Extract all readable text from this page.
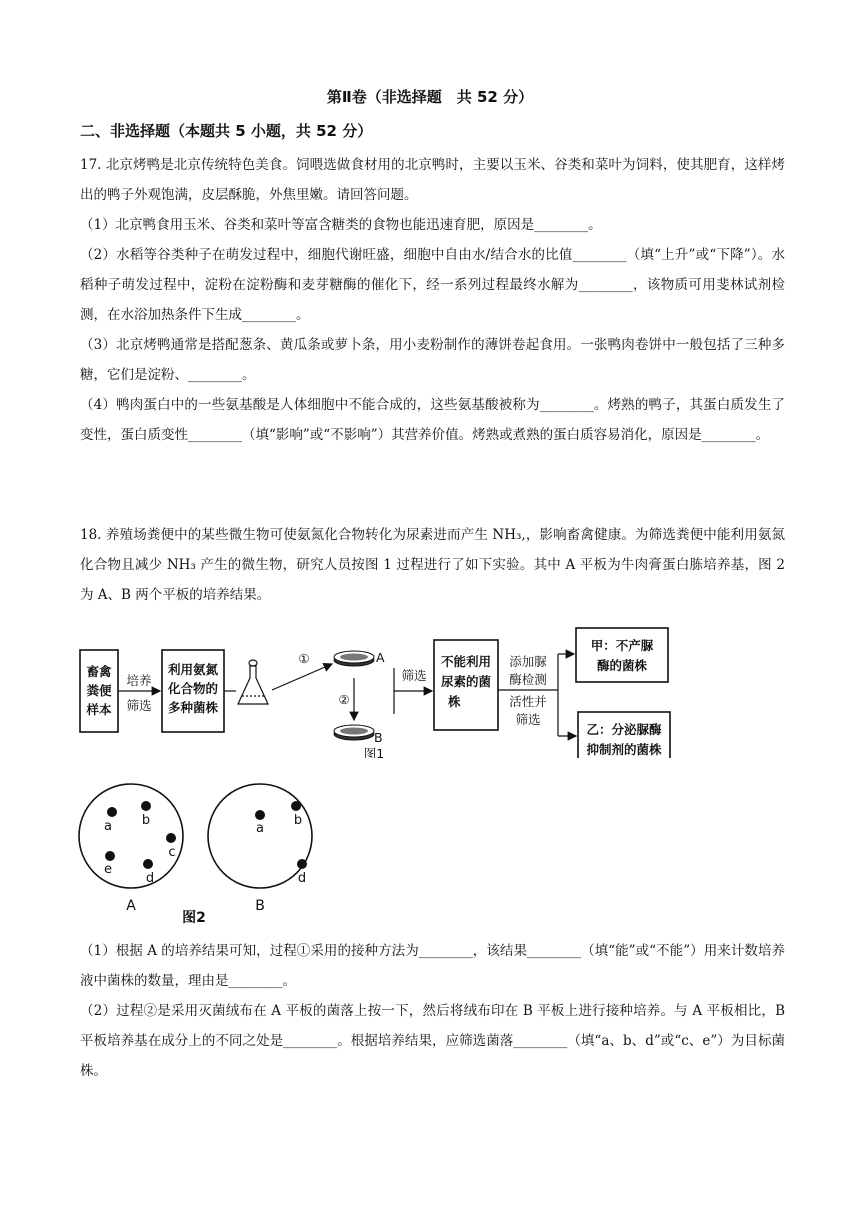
第Ⅱ卷（非选择题　共 52 分）
二、非选择题（本题共 5 小题，共 52 分）

17. 北京烤鸭是北京传统特色美食。饲喂选做食材用的北京鸭时，主要以玉米、谷类和菜叶为饲料，使其肥育，这样烤出的鸭子外观饱满，皮层酥脆，外焦里嫩。请回答问题。

（1）北京鸭食用玉米、谷类和菜叶等富含糖类的食物也能迅速育肥，原因是________。

（2）水稻等谷类种子在萌发过程中，细胞代谢旺盛，细胞中自由水/结合水的比值________（填“上升”或“下降”）。水稻种子萌发过程中，淀粉在淀粉酶和麦芽糖酶的催化下，经一系列过程最终水解为________，该物质可用斐林试剂检测，在水浴加热条件下生成________。

（3）北京烤鸭通常是搭配葱条、黄瓜条或萝卜条，用小麦粉制作的薄饼卷起食用。一张鸭肉卷饼中一般包括了三种多糖，它们是淀粉、________。

（4）鸭肉蛋白中的一些氨基酸是人体细胞中不能合成的，这些氨基酸被称为________。烤熟的鸭子，其蛋白质发生了变性，蛋白质变性________（填“影响”或“不影响”）其营养价值。烤熟或煮熟的蛋白质容易消化，原因是________。

18. 养殖场粪便中的某些微生物可使氨氮化合物转化为尿素进而产生 NH₃,，影响畜禽健康。为筛选粪便中能利用氨氮化合物且减少 NH₃ 产生的微生物，研究人员按图 1 过程进行了如下实验。其中 A 平板为牛肉膏蛋白胨培养基，图 2 为 A、B 两个平板的培养结果。

畜禽
粪便
样本
利用氨氮
化合物的
多种菌株
不能利用
尿素的菌
株
甲：不产脲
酶的菌株
乙：分泌脲酶
抑制剂的菌株
培养
筛选
①
②
A
B
筛选
添加脲
酶检测
活性并
筛选
图1
a b
c
e
d
a
b
d
A	B
图2

（1）根据 A 的培养结果可知，过程①采用的接种方法为________，该结果________（填“能”或“不能”）用来计数培养液中菌株的数量，理由是________。

（2）过程②是采用灭菌绒布在 A 平板的菌落上按一下，然后将绒布印在 B 平板上进行接种培养。与 A 平板相比，B 平板培养基在成分上的不同之处是________。根据培养结果，应筛选菌落________（填“a、b、d”或“c、e”）为目标菌株。
